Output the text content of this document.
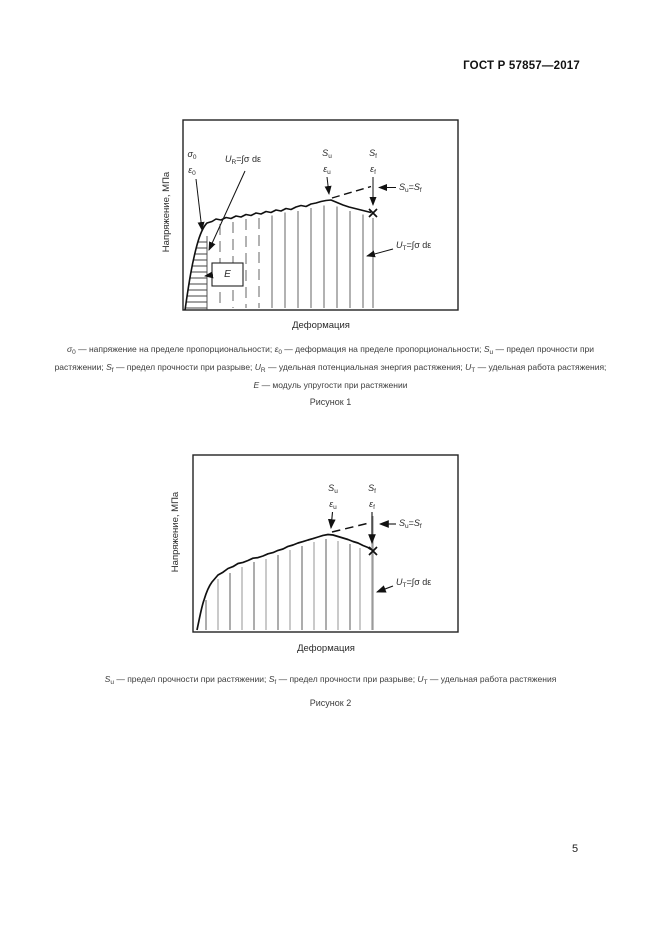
ГОСТ Р 57857—2017
Напряжение, МПа
Деформация
$\sigma_0$
$\varepsilon_0$
$U_R=\int\sigma$ dε
$S_u$
$\varepsilon_u$
$S_f$
$\varepsilon_f$
$S_u=S_f$
$U_T=\int\sigma$ dε
E
$\sigma_0$ — напряжение на пределе пропорциональности; $\varepsilon_0$ — деформация на пределе пропорциональности; $S_u$ — предел прочности при растяжении; $S_f$ — предел прочности при разрыве; $U_R$ — удельная потенциальная энергия растяжения; $U_T$ — удельная работа растяжения; E — модуль упругости при растяжении
Рисунок 1
Напряжение, МПа
Деформация
$S_u$
$\varepsilon_u$
$S_f$
$\varepsilon_f$
$S_u=S_f$
$U_T=\int\sigma$ dε
$S_u$ — предел прочности при растяжении; $S_f$ — предел прочности при разрыве; $U_T$ — удельная работа растяжения
Рисунок 2
5
